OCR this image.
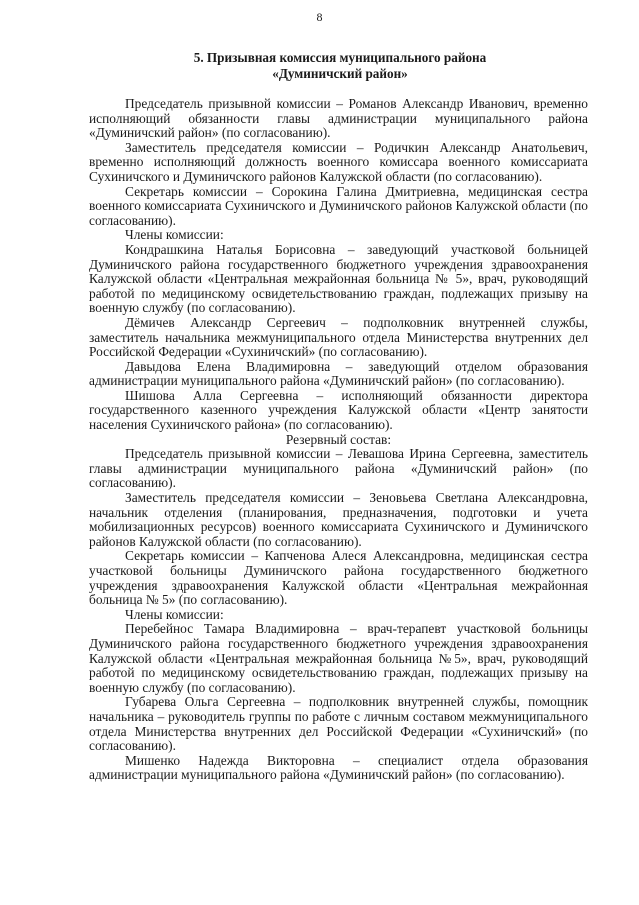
8
5. Призывная комиссия муниципального района
«Думиничский район»

Председатель призывной комиссии – Романов Александр Иванович, временно исполняющий обязанности главы администрации муниципального района «Думиничский район» (по согласованию).

Заместитель председателя комиссии – Родичкин Александр Анатольевич, временно исполняющий должность военного комиссара военного комиссариата Сухиничского и Думиничского районов Калужской области (по согласованию).

Секретарь комиссии – Сорокина Галина Дмитриевна, медицинская сестра военного комиссариата Сухиничского и Думиничского районов Калужской области (по согласованию).

Члены комиссии:

Кондрашкина Наталья Борисовна – заведующий участковой больницей Думиничского района государственного бюджетного учреждения здравоохранения Калужской области «Центральная межрайонная больница № 5», врач, руководящий работой по медицинскому освидетельствованию граждан, подлежащих призыву на военную службу (по согласованию).

Дёмичев Александр Сергеевич – подполковник внутренней службы, заместитель начальника межмуниципального отдела Министерства внутренних дел Российской Федерации «Сухиничский» (по согласованию).

Давыдова Елена Владимировна – заведующий отделом образования администрации муниципального района «Думиничский район» (по согласованию).

Шишова Алла Сергеевна – исполняющий обязанности директора государственного казенного учреждения Калужской области «Центр занятости населения Сухиничского района» (по согласованию).

Резервный состав:

Председатель призывной комиссии – Левашова Ирина Сергеевна, заместитель главы администрации муниципального района «Думиничский район» (по согласованию).

Заместитель председателя комиссии – Зеновьева Светлана Александровна, начальник отделения (планирования, предназначения, подготовки и учета мобилизационных ресурсов) военного комиссариата Сухиничского и Думиничского районов Калужской области (по согласованию).

Секретарь комиссии – Капченова Алеся Александровна, медицинская сестра участковой больницы Думиничского района государственного бюджетного учреждения здравоохранения Калужской области «Центральная межрайонная больница № 5» (по согласованию).

Члены комиссии:

Перебейнос Тамара Владимировна – врач-терапевт участковой больницы Думиничского района государственного бюджетного учреждения здравоохранения Калужской области «Центральная межрайонная больница №5», врач, руководящий работой по медицинскому освидетельствованию граждан, подлежащих призыву на военную службу (по согласованию).

Губарева Ольга Сергеевна – подполковник внутренней службы, помощник начальника – руководитель группы по работе с личным составом межмуниципального отдела Министерства внутренних дел Российской Федерации «Сухиничский» (по согласованию).

Мишенко Надежда Викторовна – специалист отдела образования администрации муниципального района «Думиничский район» (по согласованию).
